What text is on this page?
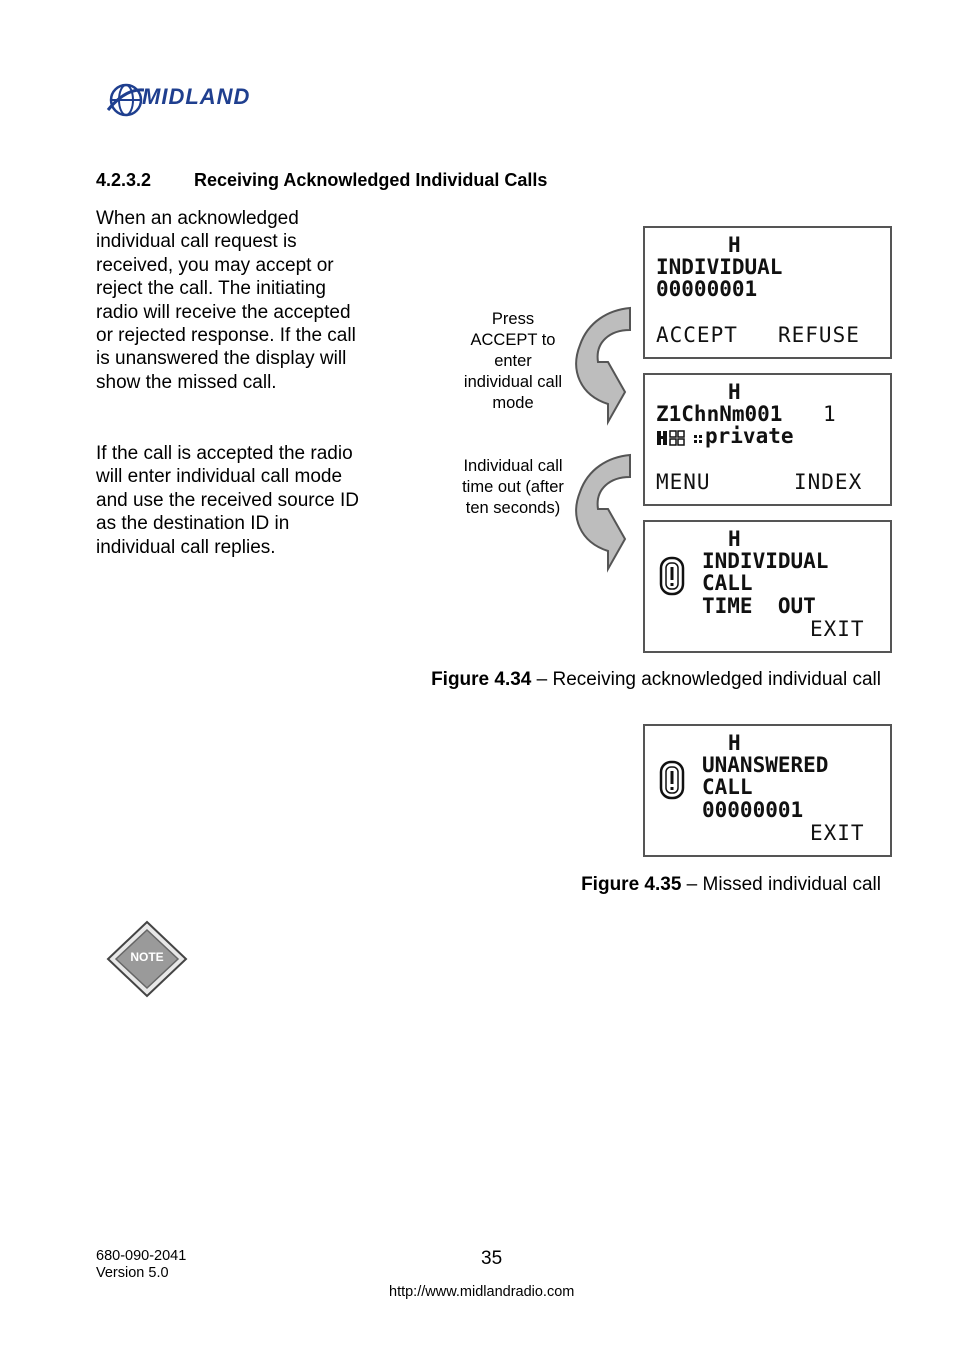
MIDLAND
4.2.3.2 Receiving Acknowledged Individual Calls
When an acknowledged individual call request is received, you may accept or reject the call. The initiating radio will receive the accepted or rejected response. If the call is unanswered the display will show the missed call.
If the call is accepted the radio will enter individual call mode and use the received source ID as the destination ID in individual call replies.
Press ACCEPT to enter individual call mode
Individual call time out (after ten seconds)
H
INDIVIDUAL
00000001
ACCEPT REFUSE
H
Z1ChnNm001 1
private
MENU	INDEX
H
INDIVIDUAL
CALL
TIME  OUT
EXIT
Figure 4.34 – Receiving acknowledged individual call
H
UNANSWERED
CALL
00000001
EXIT
Figure 4.35 – Missed individual call
NOTE
680-090-2041
Version 5.0
35
http://www.midlandradio.com
